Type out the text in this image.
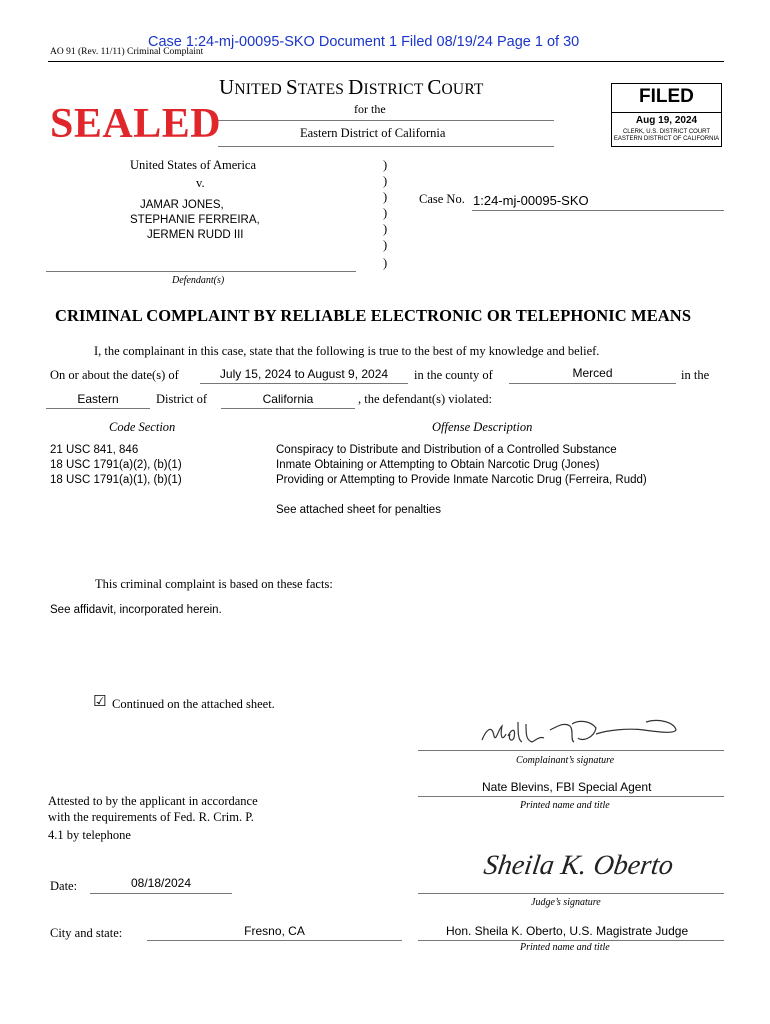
Case 1:24-mj-00095-SKO Document 1 Filed 08/19/24 Page 1 of 30
AO 91 (Rev. 11/11) Criminal Complaint
UNITED STATES DISTRICT COURT
for the
Eastern District of California
SEALED
FILED
Aug 19, 2024
CLERK, U.S. DISTRICT COURT
EASTERN DISTRICT OF CALIFORNIA
United States of America
v.
JAMAR JONES,
STEPHANIE FERREIRA,
JERMEN RUDD III
Defendant(s)
)
)
)
)
)
)
)
Case No. 1:24-mj-00095-SKO
CRIMINAL COMPLAINT BY RELIABLE ELECTRONIC OR TELEPHONIC MEANS
I, the complainant in this case, state that the following is true to the best of my knowledge and belief.
On or about the date(s) of	July 15, 2024 to August 9, 2024	in the county of	Merced	in the
Eastern	District of	California	, the defendant(s) violated:
Code Section	Offense Description
21 USC 841, 846	Conspiracy to Distribute and Distribution of a Controlled Substance
18 USC 1791(a)(2), (b)(1)	Inmate Obtaining or Attempting to Obtain Narcotic Drug (Jones)
18 USC 1791(a)(1), (b)(1)	Providing or Attempting to Provide Inmate Narcotic Drug (Ferreira, Rudd)
See attached sheet for penalties
This criminal complaint is based on these facts:
See affidavit, incorporated herein.
☑ Continued on the attached sheet.
Complainant’s signature
Nate Blevins, FBI Special Agent
Printed name and title
Attested to by the applicant in accordance
with the requirements of Fed. R. Crim. P.
4.1 by telephone
Sheila K. Oberto
Judge’s signature
Date:	08/18/2024
City and state:	Fresno, CA	Hon. Sheila K. Oberto, U.S. Magistrate Judge
Printed name and title
